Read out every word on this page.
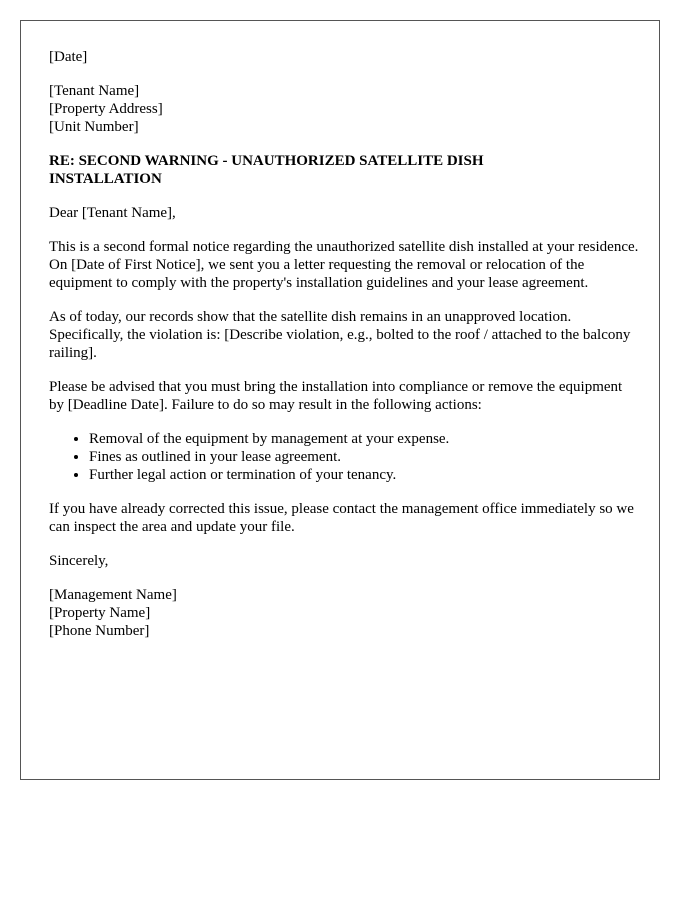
[Date]
[Tenant Name]
[Property Address]
[Unit Number]
RE: SECOND WARNING - UNAUTHORIZED SATELLITE DISH INSTALLATION

Dear [Tenant Name],

This is a second formal notice regarding the unauthorized satellite dish installed at your residence. On [Date of First Notice], we sent you a letter requesting the removal or relocation of the equipment to comply with the property's installation guidelines and your lease agreement.

As of today, our records show that the satellite dish remains in an unapproved location. Specifically, the violation is: [Describe violation, e.g., bolted to the roof / attached to the balcony railing].

Please be advised that you must bring the installation into compliance or remove the equipment by [Deadline Date]. Failure to do so may result in the following actions:

• Removal of the equipment by management at your expense.
• Fines as outlined in your lease agreement.
• Further legal action or termination of your tenancy.

If you have already corrected this issue, please contact the management office immediately so we can inspect the area and update your file.

Sincerely,

[Management Name]
[Property Name]
[Phone Number]
